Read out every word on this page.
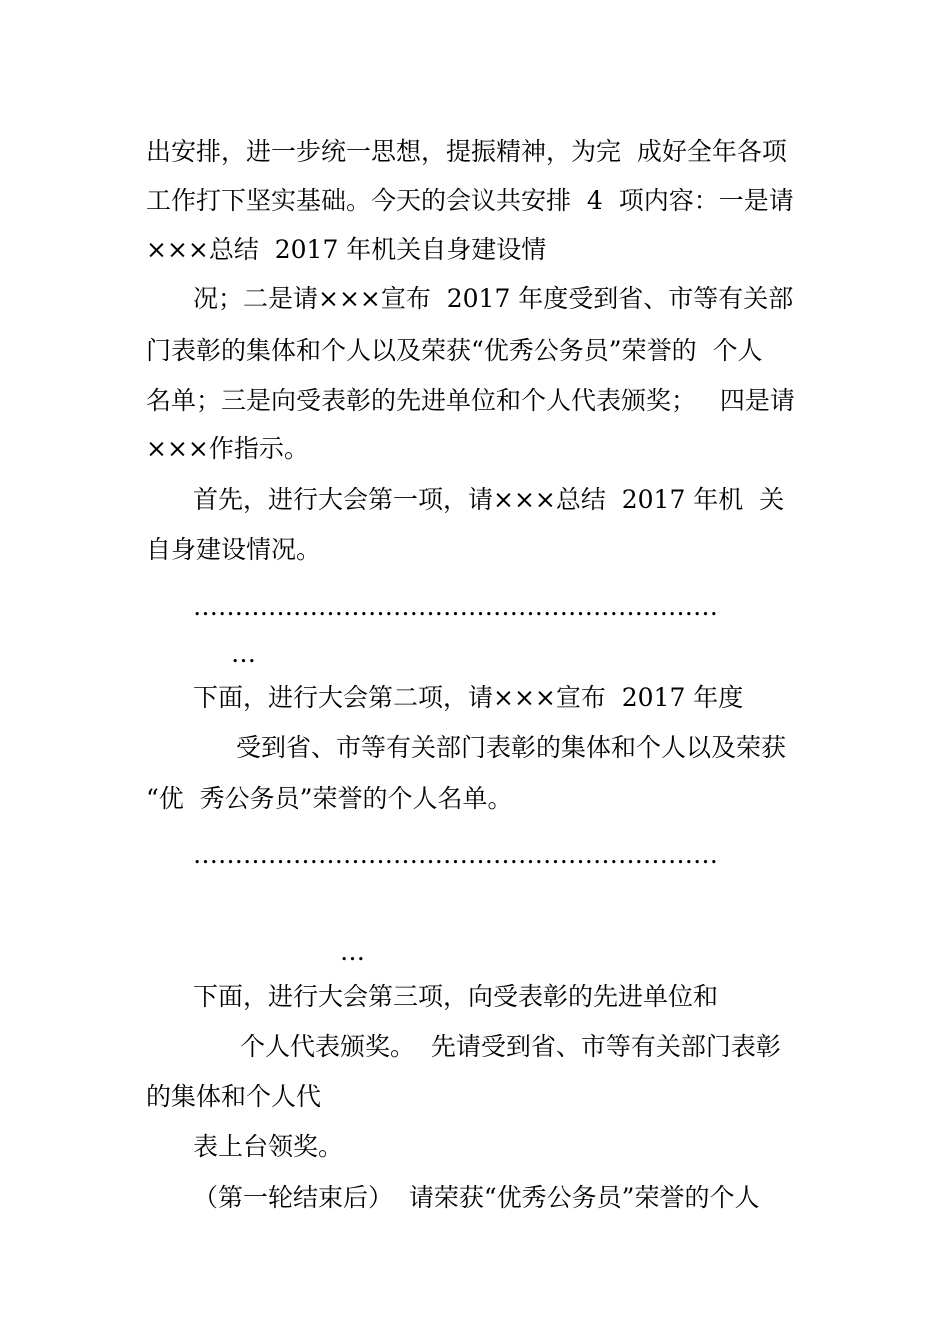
出安排，进一步统一思想，提振精神，为完  成好全年各项
工作打下坚实基础。今天的会议共安排  4  项内容：一是请
×××总结  2017 年机关自身建设情
况；二是请×××宣布  2017 年度受到省、市等有关部
门表彰的集体和个人以及荣获“优秀公务员”荣誉的  个人
名单；三是向受表彰的先进单位和个人代表颁奖；   四是请
×××作指示。
首先，进行大会第一项，请×××总结  2017 年机  关
自身建设情况。
………………………………………………………
…
下面，进行大会第二项，请×××宣布  2017 年度
受到省、市等有关部门表彰的集体和个人以及荣获
“优  秀公务员”荣誉的个人名单。
………………………………………………………
…
下面，进行大会第三项，向受表彰的先进单位和
个人代表颁奖。  先请受到省、市等有关部门表彰
的集体和个人代
表上台领奖。
（第一轮结束后）  请荣获“优秀公务员”荣誉的个人
